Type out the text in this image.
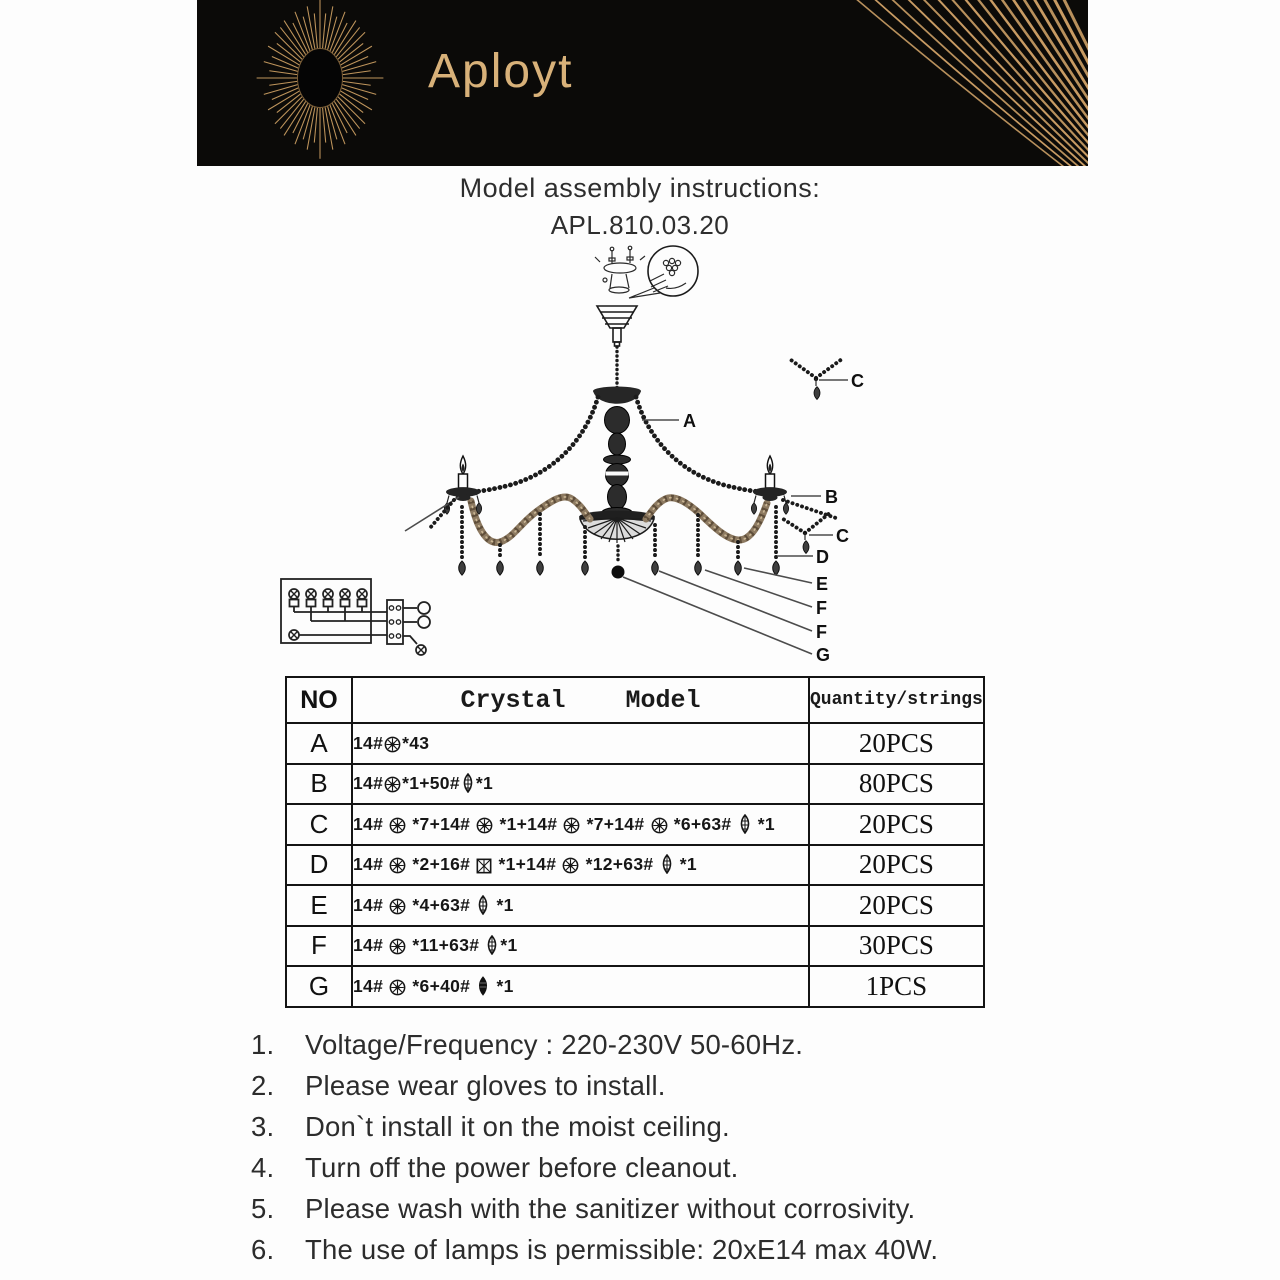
Aployt
Model assembly instructions:
APL.810.03.20
A
B
C
C
D
E
F
F
G
NO	Crystal    Model	Quantity/strings
A	14# *43	20PCS
B	14# *1+50# *1	80PCS
C	14#  *7+14#  *1+14#  *7+14#  *6+63#  *1	20PCS
D	14#  *2+16#  *1+14#  *12+63#  *1	20PCS
E	14#  *4+63#  *1	20PCS
F	14#  *11+63# *1	30PCS
G	14#  *6+40#  *1	1PCS
1.	Voltage/Frequency : 220-230V 50-60Hz.
2.	Please wear gloves to install.
3.	Don`t install it on the moist ceiling.
4.	Turn off the power before cleanout.
5.	Please wash with the sanitizer without corrosivity.
6.	The use of lamps is permissible: 20xE14 max 40W.
